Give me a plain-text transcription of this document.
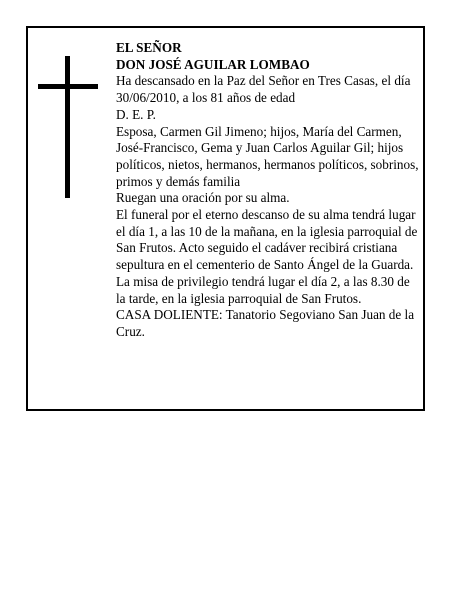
EL SEÑOR

DON JOSÉ AGUILAR LOMBAO

Ha descansado en la Paz del Señor en Tres Casas, el día 30/06/2010, a los 81 años de edad

D. E. P.

Esposa, Carmen Gil Jimeno; hijos, María del Carmen, José-Francisco, Gema y Juan Carlos Aguilar Gil; hijos políticos, nietos, hermanos, hermanos políticos, sobrinos, primos y demás familia

Ruegan una oración por su alma.

El funeral por el eterno descanso de su alma tendrá lugar el día 1, a las 10 de la mañana, en la iglesia parroquial de San Frutos. Acto seguido el cadáver recibirá cristiana sepultura en el cementerio de Santo Ángel de la Guarda. La misa de privilegio tendrá lugar el día 2, a las 8.30 de la tarde, en la iglesia parroquial de San Frutos.

CASA DOLIENTE: Tanatorio Segoviano San Juan de la Cruz.
